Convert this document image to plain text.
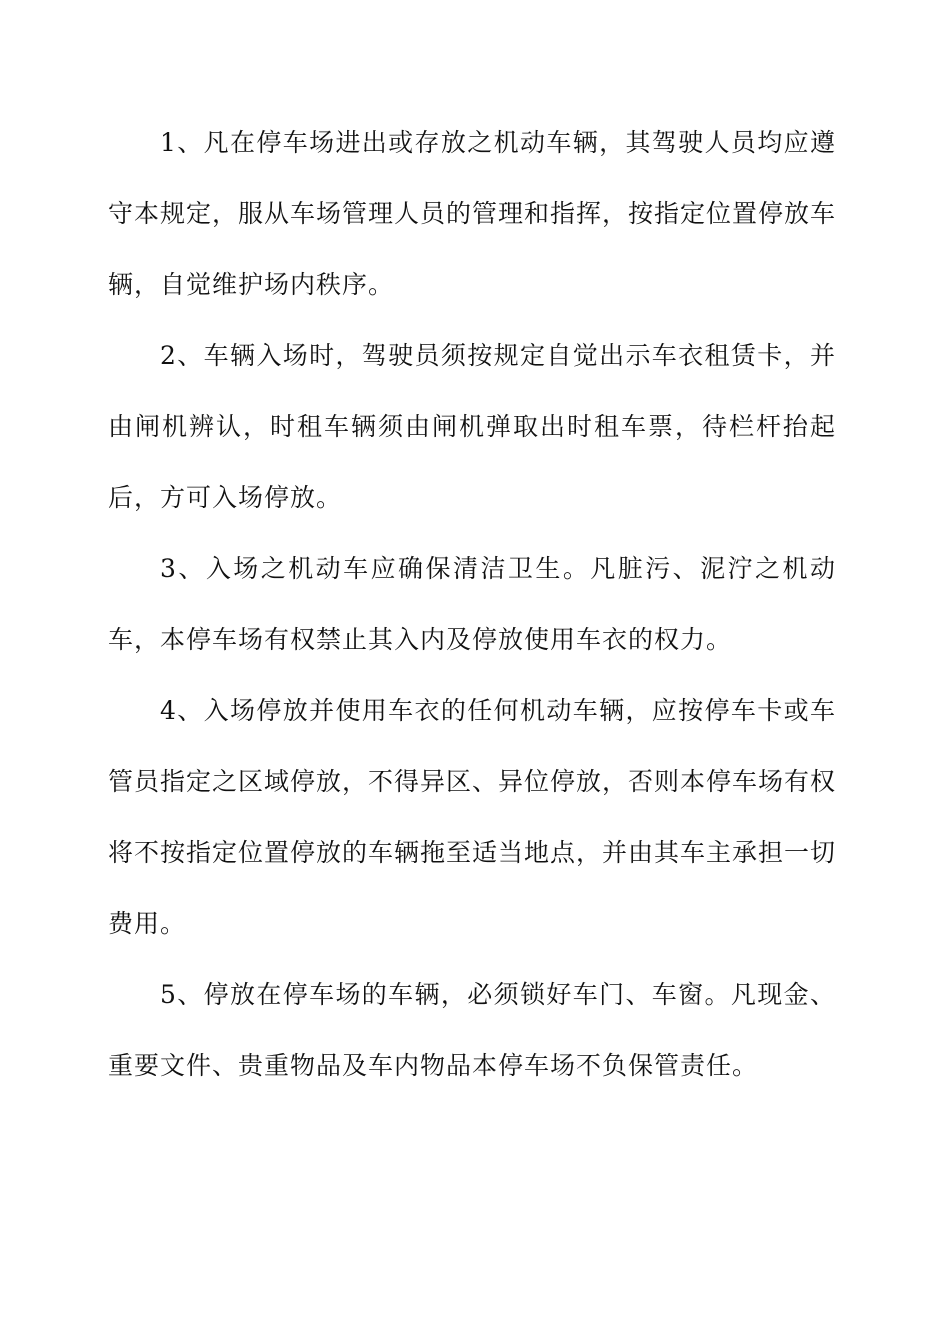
1、凡在停车场进出或存放之机动车辆，其驾驶人员均应遵守本规定，服从车场管理人员的管理和指挥，按指定位置停放车辆，自觉维护场内秩序。

2、车辆入场时，驾驶员须按规定自觉出示车衣租赁卡，并由闸机辨认，时租车辆须由闸机弹取出时租车票，待栏杆抬起后，方可入场停放。

3、入场之机动车应确保清洁卫生。凡脏污、泥泞之机动车，本停车场有权禁止其入内及停放使用车衣的权力。

4、入场停放并使用车衣的任何机动车辆，应按停车卡或车管员指定之区域停放，不得异区、异位停放，否则本停车场有权将不按指定位置停放的车辆拖至适当地点，并由其车主承担一切费用。

5、停放在停车场的车辆，必须锁好车门、车窗。凡现金、重要文件、贵重物品及车内物品本停车场不负保管责任。
